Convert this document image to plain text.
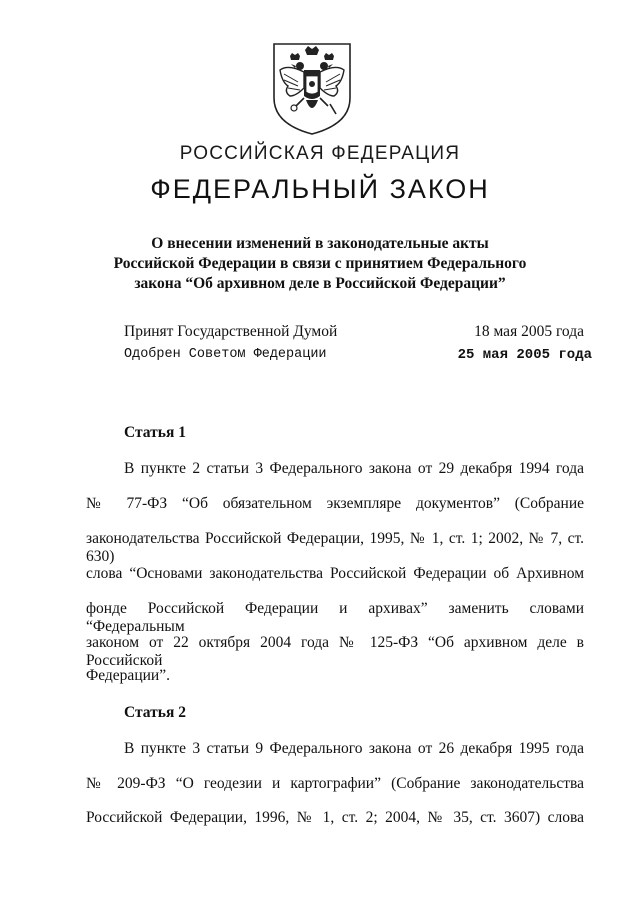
РОССИЙСКАЯ ФЕДЕРАЦИЯ
ФЕДЕРАЛЬНЫЙ ЗАКОН
О внесении изменений в законодательные акты
Российской Федерации в связи с принятием Федерального
закона “Об архивном деле в Российской Федерации”
Принят Государственной Думой	18 мая 2005 года
Одобрен Советом Федерации	25 мая 2005 года
Статья 1
В пункте 2 статьи 3 Федерального закона от 29 декабря 1994 года
№ 77-ФЗ “Об обязательном экземпляре документов” (Собрание
законодательства Российской Федерации, 1995, № 1, ст. 1; 2002, № 7, ст. 630)
слова “Основами законодательства Российской Федерации об Архивном
фонде Российской Федерации и архивах” заменить словами “Федеральным
законом от 22 октября 2004 года № 125-ФЗ “Об архивном деле в Российской
Федерации”.
Статья 2
В пункте 3 статьи 9 Федерального закона от 26 декабря 1995 года
№ 209-ФЗ “О геодезии и картографии” (Собрание законодательства
Российской Федерации, 1996, № 1, ст. 2; 2004, № 35, ст. 3607) слова
